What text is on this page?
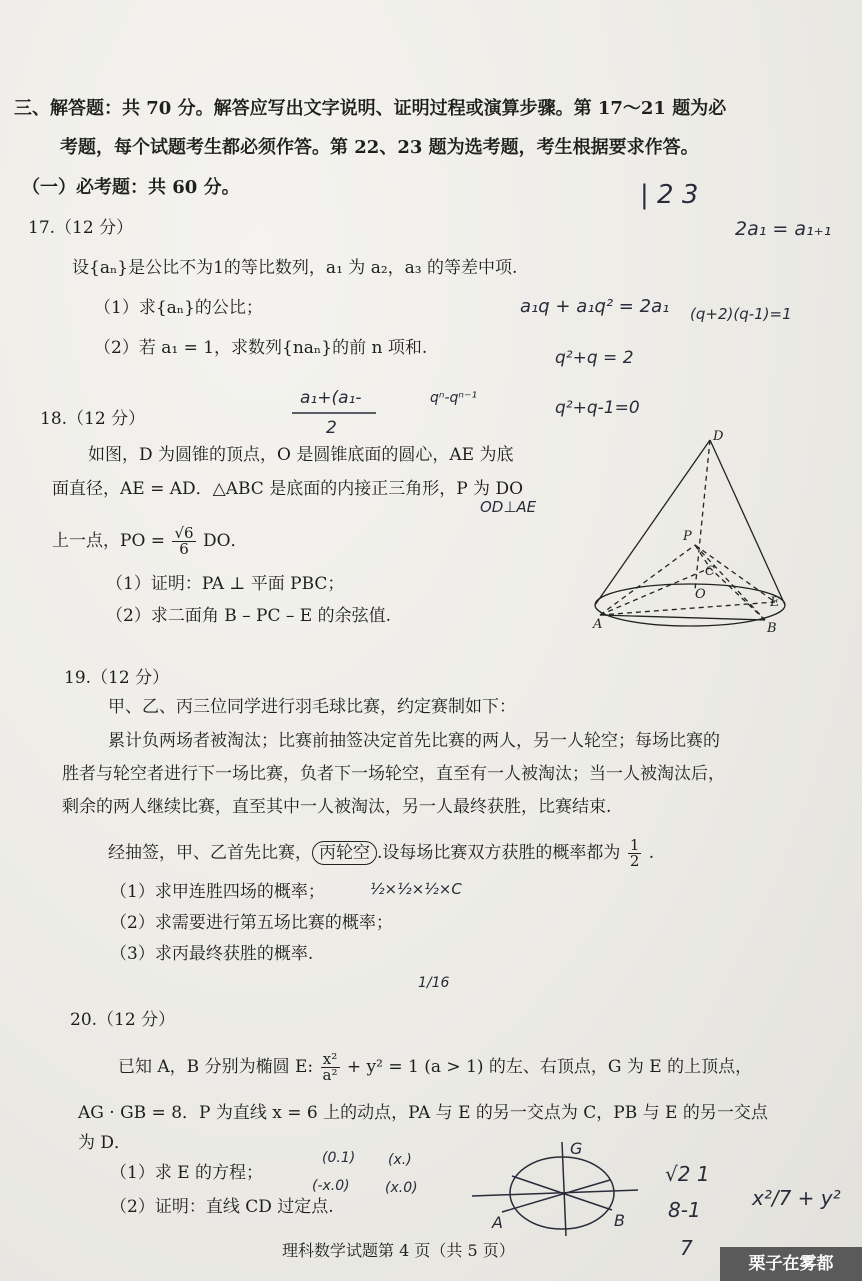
三、解答题：共 70 分。解答应写出文字说明、证明过程或演算步骤。第 17～21 题为必
考题，每个试题考生都必须作答。第 22、23 题为选考题，考生根据要求作答。
（一）必考题：共 60 分。
17.（12 分）
设{aₙ}是公比不为1的等比数列，a₁ 为 a₂，a₃ 的等差中项.
（1）求{aₙ}的公比；
（2）若 a₁ = 1，求数列{naₙ}的前 n 项和.
18.（12 分）
如图，D 为圆锥的顶点，O 是圆锥底面的圆心，AE 为底
面直径，AE = AD．△ABC 是底面的内接正三角形，P 为 DO
上一点，PO = $\frac{√6}{6}$ DO．
（1）证明：PA ⊥ 平面 PBC；
（2）求二面角 B – PC – E 的余弦值.
D
P
C
O
E
A	B
19.（12 分）
甲、乙、丙三位同学进行羽毛球比赛，约定赛制如下：
累计负两场者被淘汰；比赛前抽签决定首先比赛的两人，另一人轮空；每场比赛的
胜者与轮空者进行下一场比赛，负者下一场轮空，直至有一人被淘汰；当一人被淘汰后，
剩余的两人继续比赛，直至其中一人被淘汰，另一人最终获胜，比赛结束.
经抽签，甲、乙首先比赛， 丙轮空 .设每场比赛双方获胜的概率都为 $\frac{1}{2}$ .
（1）求甲连胜四场的概率；
（2）求需要进行第五场比赛的概率；
（3）求丙最终获胜的概率.
20.（12 分）
已知 A，B 分别为椭圆 E: $\frac{\text{x²}}{\text{a²}} + y^2 = 1$ (a > 1) 的左、右顶点，G 为 E 的上顶点，
AG · GB = 8．P 为直线 x = 6 上的动点，PA 与 E 的另一交点为 C，PB 与 E 的另一交点
为 D．
（1）求 E 的方程；
（2）证明：直线 CD 过定点.
理科数学试题第 4 页（共 5 页）
| 2 3
2a₁ = a₁₊₁
a₁q + a₁q² = 2a₁ (q+2)(q-1)=1
q²+q = 2
q²+q-1=0
a₁+(a₁-
2
qⁿ-qⁿ⁻¹
OD⊥AE
½×½×½×C
1/16
(0.1) (x.)
(-x.0)	(x.0)
√2 1
8-1
7
x²/7 + y²
G
A	B
栗子在雾都
